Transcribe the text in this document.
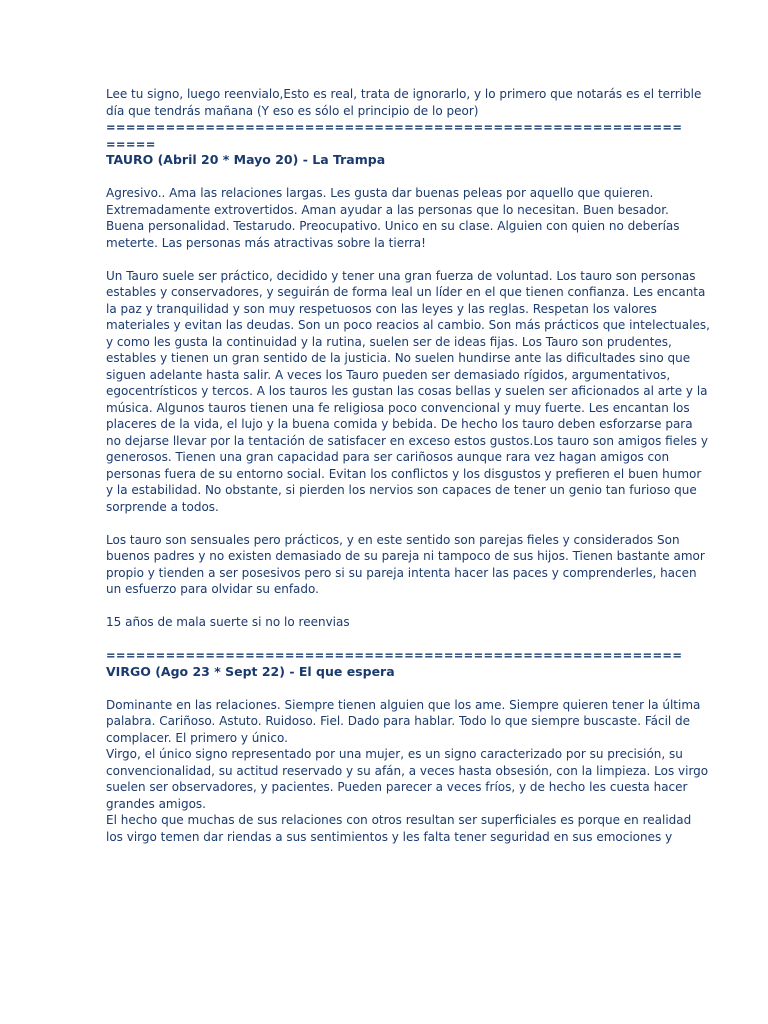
Lee tu signo, luego reenvialo,Esto es real, trata de ignorarlo, y lo primero que notarás es el terrible
día que tendrás mañana (Y eso es sólo el principio de lo peor)
==========================================================
=====
TAURO (Abril 20 * Mayo 20) - La Trampa
Agresivo.. Ama las relaciones largas. Les gusta dar buenas peleas por aquello que quieren.
Extremadamente extrovertidos. Aman ayudar a las personas que lo necesitan. Buen besador.
Buena personalidad. Testarudo. Preocupativo. Unico en su clase. Alguien con quien no deberías
meterte. Las personas más atractivas sobre la tierra!
Un Tauro suele ser práctico, decidido y tener una gran fuerza de voluntad. Los tauro son personas
estables y conservadores, y seguirán de forma leal un líder en el que tienen confianza. Les encanta
la paz y tranquilidad y son muy respetuosos con las leyes y las reglas. Respetan los valores
materiales y evitan las deudas. Son un poco reacios al cambio. Son más prácticos que intelectuales,
y como les gusta la continuidad y la rutina, suelen ser de ideas fijas. Los Tauro son prudentes,
estables y tienen un gran sentido de la justicia. No suelen hundirse ante las dificultades sino que
siguen adelante hasta salir. A veces los Tauro pueden ser demasiado rígidos, argumentativos,
egocentrísticos y tercos. A los tauros les gustan las cosas bellas y suelen ser aficionados al arte y la
música. Algunos tauros tienen una fe religiosa poco convencional y muy fuerte. Les encantan los
placeres de la vida, el lujo y la buena comida y bebida. De hecho los tauro deben esforzarse para
no dejarse llevar por la tentación de satisfacer en exceso estos gustos.Los tauro son amigos fieles y
generosos. Tienen una gran capacidad para ser cariñosos aunque rara vez hagan amigos con
personas fuera de su entorno social. Evitan los conflictos y los disgustos y prefieren el buen humor
y la estabilidad. No obstante, si pierden los nervios son capaces de tener un genio tan furioso que
sorprende a todos.
Los tauro son sensuales pero prácticos, y en este sentido son parejas fieles y considerados Son
buenos padres y no existen demasiado de su pareja ni tampoco de sus hijos. Tienen bastante amor
propio y tienden a ser posesivos pero si su pareja intenta hacer las paces y comprenderles, hacen
un esfuerzo para olvidar su enfado.
15 años de mala suerte si no lo reenvias
==========================================================
VIRGO (Ago 23 * Sept 22) - El que espera
Dominante en las relaciones. Siempre tienen alguien que los ame. Siempre quieren tener la última
palabra. Cariñoso. Astuto. Ruidoso. Fiel. Dado para hablar. Todo lo que siempre buscaste. Fácil de
complacer. El primero y único.
Virgo, el único signo representado por una mujer, es un signo caracterizado por su precisión, su
convencionalidad, su actitud reservado y su afán, a veces hasta obsesión, con la limpieza. Los virgo
suelen ser observadores, y pacientes. Pueden parecer a veces fríos, y de hecho les cuesta hacer
grandes amigos.
El hecho que muchas de sus relaciones con otros resultan ser superficiales es porque en realidad
los virgo temen dar riendas a sus sentimientos y les falta tener seguridad en sus emociones y
